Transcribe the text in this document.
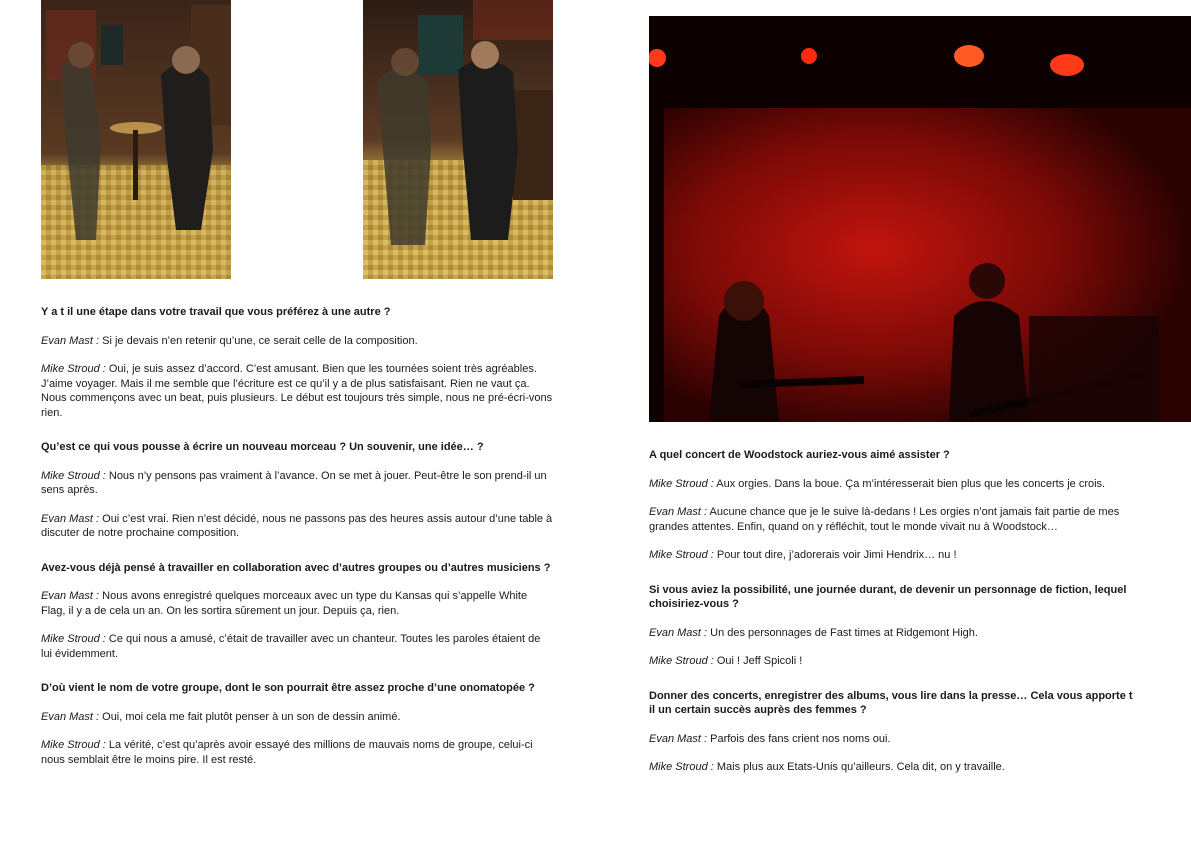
Y a t il une étape dans votre travail que vous préférez à une autre ?
Evan Mast : Si je devais n’en retenir qu’une, ce serait celle de la composition.
Mike Stroud : Oui, je suis assez d’accord. C’est amusant. Bien que les tournées soient très agréables. J’aime voyager. Mais il me semble que l’écriture est ce qu’il y a de plus satisfaisant. Rien ne vaut ça. Nous commençons avec un beat, puis plusieurs. Le début est toujours très simple, nous ne pré-écri-vons rien.
Qu’est ce qui vous pousse à écrire un nouveau morceau ? Un souvenir, une idée… ?
Mike Stroud : Nous n’y pensons pas vraiment à l’avance. On se met à jouer. Peut-être le son prend-il un sens après.
Evan Mast : Oui c’est vrai. Rien n’est décidé, nous ne passons pas des heures assis autour d’une table à discuter de notre prochaine composition.
Avez-vous déjà pensé à travailler en collaboration avec d’autres groupes ou d’autres musiciens ?
Evan Mast : Nous avons enregistré quelques morceaux avec un type du Kansas qui s’appelle White Flag, il y a de cela un an. On les sortira sûrement un jour. Depuis ça, rien.
Mike Stroud : Ce qui nous a amusé, c’était de travailler avec un chanteur. Toutes les paroles étaient de lui évidemment.
D’où vient le nom de votre groupe, dont le son pourrait être assez proche d’une onomatopée ?
Evan Mast : Oui, moi cela me fait plutôt penser à un son de dessin animé.
Mike Stroud : La vérité, c’est qu’après avoir essayé des millions de mauvais noms de groupe, celui-ci nous semblait être le moins pire. Il est resté.
A quel concert de Woodstock auriez-vous aimé assister ?
Mike Stroud : Aux orgies. Dans la boue. Ça m’intéresserait bien plus que les concerts je crois.
Evan Mast : Aucune chance que je le suive là-dedans ! Les orgies n’ont jamais fait partie de mes grandes attentes. Enfin, quand on y réfléchit, tout le monde vivait nu à Woodstock…
Mike Stroud : Pour tout dire, j’adorerais voir Jimi Hendrix… nu !
Si vous aviez la possibilité, une journée durant, de devenir un personnage de fiction, lequel choisiriez-vous ?
Evan Mast : Un des personnages de Fast times at Ridgemont High.
Mike Stroud : Oui ! Jeff Spicoli !
Donner des concerts, enregistrer des albums, vous lire dans la presse… Cela vous apporte t il un certain succès auprès des femmes ?
Evan Mast : Parfois des fans crient nos noms oui.
Mike Stroud : Mais plus aux Etats-Unis qu’ailleurs. Cela dit, on y travaille.
